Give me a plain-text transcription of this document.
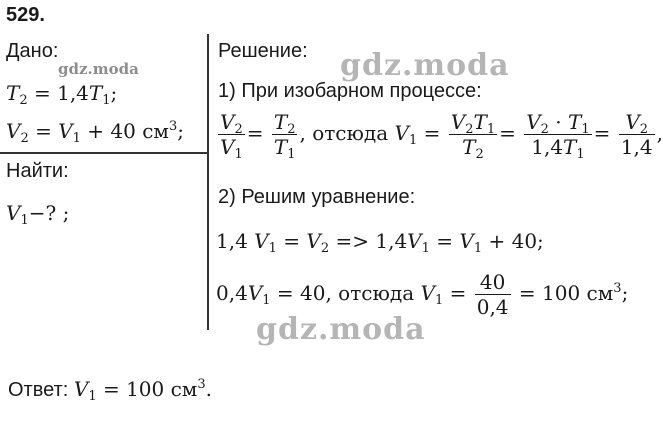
529.
Дано:
gdz.moda
$T_2 = 1,4T_1$;
$V_2 = V_1 + 40$ $см^3$;
Найти:
$V_1-$? ;
Решение: gdz.moda
1) При изобарном процессе:
$\frac{V_2}{V_1} = \frac{T_2}{T_1}$ , отсюда $V_1 = \frac{V_2T_1}{T_2} = \frac{V_2 \cdot T_1}{1,4T_1} = \frac{V_2}{1,4}$ ,
2) Решим уравнение:
1,4 $V_1 = V_2 => 1,4V_1 = V_1 + 40$;
$0,4V_1 = 40$, отсюда $V_1 = \frac{40}{0,4} = 100$ $см^3$;
gdz.moda
Ответ: $V_1 = 100$ $см^3$.
